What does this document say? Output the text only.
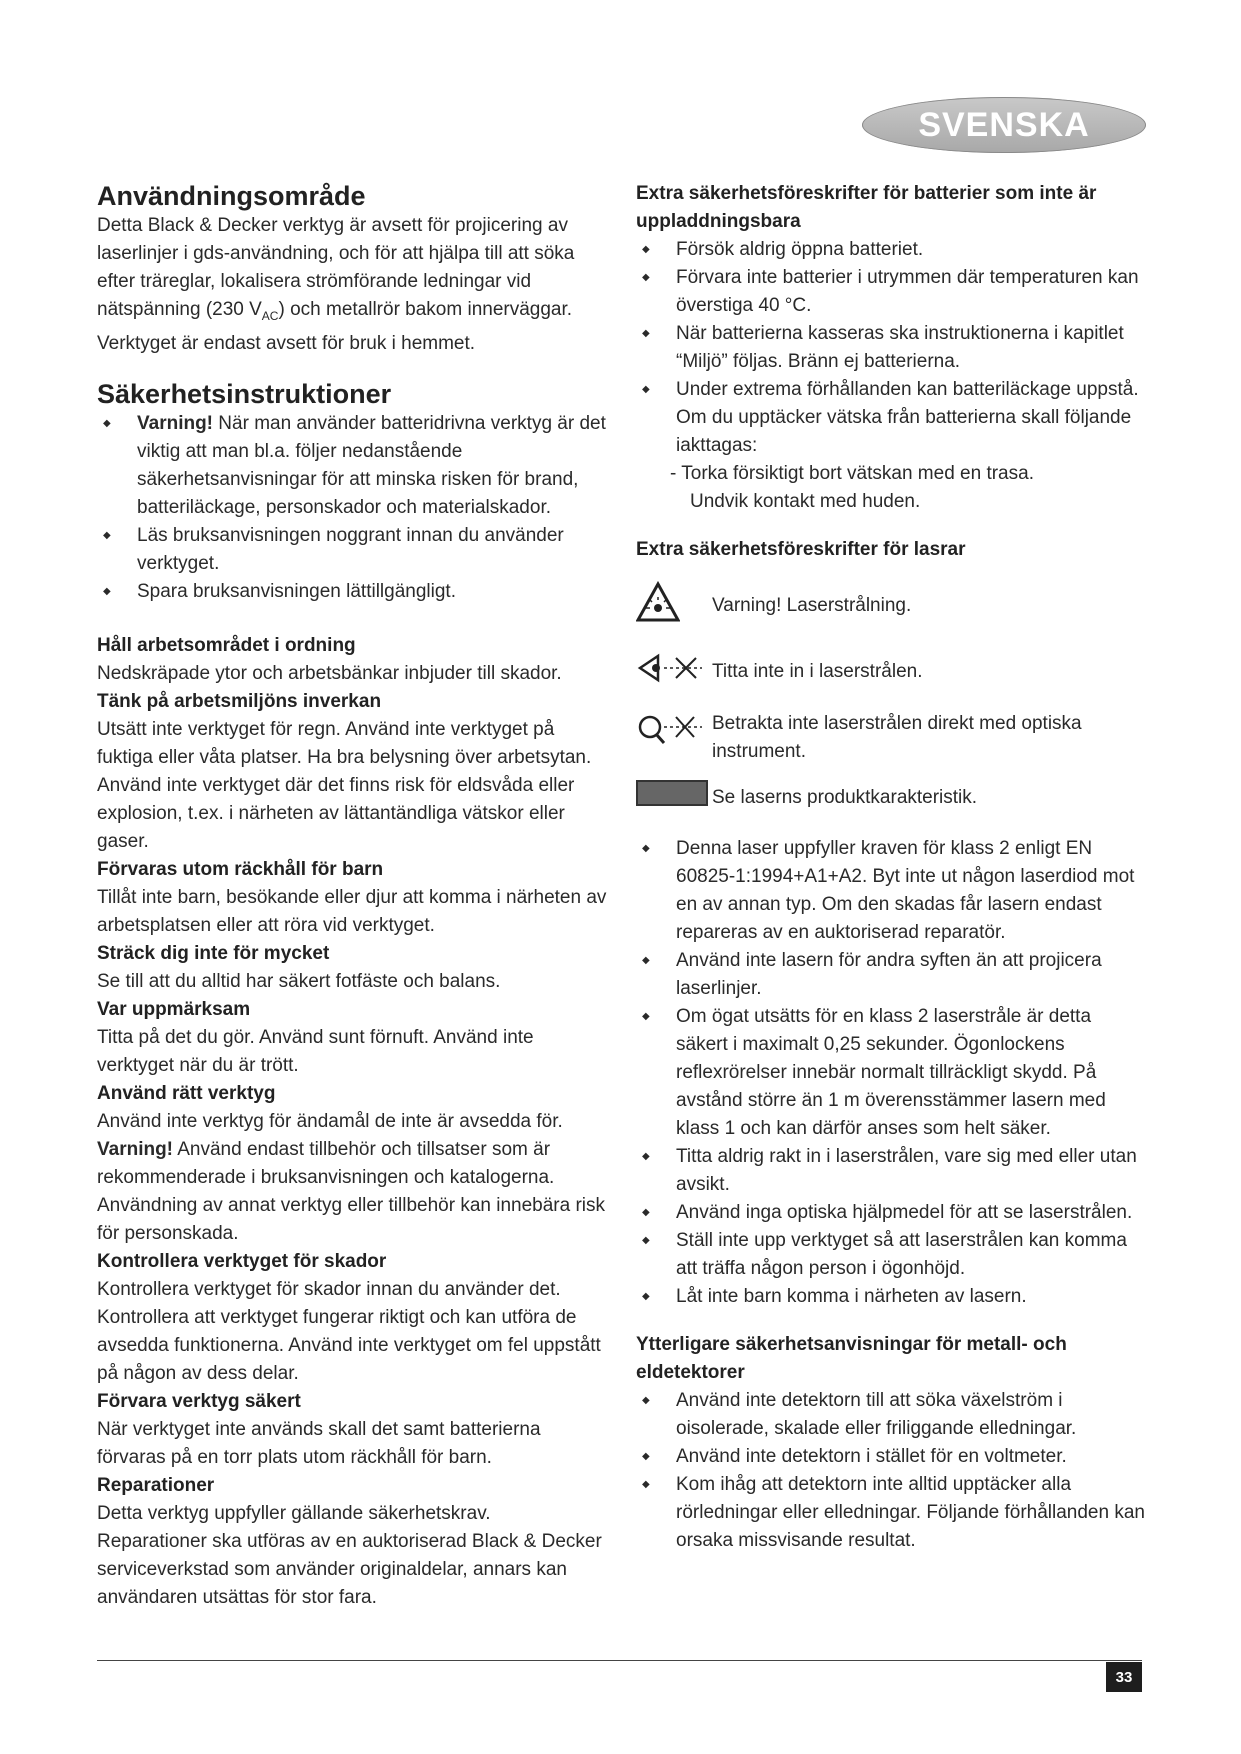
SVENSKA
Användningsområde

Detta Black & Decker verktyg är avsett för projicering av laserlinjer i gds-användning, och för att hjälpa till att söka efter träreglar, lokalisera strömförande ledningar vid nätspänning (230 $V_{AC}$) och metallrör bakom innerväggar. Verktyget är endast avsett för bruk i hemmet.

Säkerhetsinstruktioner

◆ Varning! När man använder batteridrivna verktyg är det viktig att man bl.a. följer nedanstående säkerhetsanvisningar för att minska risken för brand, batteriläckage, personskador och materialskador.

◆ Läs bruksanvisningen noggrant innan du använder verktyget.

◆ Spara bruksanvisningen lättillgängligt.

Håll arbetsområdet i ordning

Nedskräpade ytor och arbetsbänkar inbjuder till skador.

Tänk på arbetsmiljöns inverkan

Utsätt inte verktyget för regn. Använd inte verktyget på fuktiga eller våta platser. Ha bra belysning över arbetsytan.

Använd inte verktyget där det finns risk för eldsvåda eller explosion, t.ex. i närheten av lättantändliga vätskor eller gaser.

Förvaras utom räckhåll för barn

Tillåt inte barn, besökande eller djur att komma i närheten av arbetsplatsen eller att röra vid verktyget.

Sträck dig inte för mycket

Se till att du alltid har säkert fotfäste och balans.

Var uppmärksam

Titta på det du gör. Använd sunt förnuft. Använd inte verktyget när du är trött.

Använd rätt verktyg

Använd inte verktyg för ändamål de inte är avsedda för.

Varning! Använd endast tillbehör och tillsatser som är rekommenderade i bruksanvisningen och katalogerna. Användning av annat verktyg eller tillbehör kan innebära risk för personskada.

Kontrollera verktyget för skador

Kontrollera verktyget för skador innan du använder det. Kontrollera att verktyget fungerar riktigt och kan utföra de avsedda funktionerna. Använd inte verktyget om fel uppstått på någon av dess delar.

Förvara verktyg säkert

När verktyget inte används skall det samt batterierna förvaras på en torr plats utom räckhåll för barn.

Reparationer

Detta verktyg uppfyller gällande säkerhetskrav.

Reparationer ska utföras av en auktoriserad Black & Decker serviceverkstad som använder originaldelar, annars kan användaren utsättas för stor fara.

Extra säkerhetsföreskrifter för batterier som inte är uppladdningsbara

◆ Försök aldrig öppna batteriet.

◆ Förvara inte batterier i utrymmen där temperaturen kan överstiga 40 °C.

◆ När batterierna kasseras ska instruktionerna i kapitlet “Miljö” följas. Bränn ej batterierna.

◆ Under extrema förhållanden kan batteriläckage uppstå. Om du upptäcker vätska från batterierna skall följande iakttagas:

- Torka försiktigt bort vätskan med en trasa.

Undvik kontakt med huden.

Extra säkerhetsföreskrifter för lasrar
Varning! Laserstrålning.
Titta inte in i laserstrålen.
Betrakta inte laserstrålen direkt med optiska instrument.
Se laserns produktkarakteristik.

◆ Denna laser uppfyller kraven för klass 2 enligt EN 60825-1:1994+A1+A2. Byt inte ut någon laserdiod mot en av annan typ. Om den skadas får lasern endast repareras av en auktoriserad reparatör.

◆ Använd inte lasern för andra syften än att projicera laserlinjer.

◆ Om ögat utsätts för en klass 2 laserstråle är detta säkert i maximalt 0,25 sekunder. Ögonlockens reflexrörelser innebär normalt tillräckligt skydd. På avstånd större än 1 m överensstämmer lasern med klass 1 och kan därför anses som helt säker.

◆ Titta aldrig rakt in i laserstrålen, vare sig med eller utan avsikt.

◆ Använd inga optiska hjälpmedel för att se laserstrålen.

◆ Ställ inte upp verktyget så att laserstrålen kan komma att träffa någon person i ögonhöjd.

◆ Låt inte barn komma i närheten av lasern.

Ytterligare säkerhetsanvisningar för metall- och eldetektorer

◆ Använd inte detektorn till att söka växelström i oisolerade, skalade eller friliggande elledningar.

◆ Använd inte detektorn i stället för en voltmeter.

◆ Kom ihåg att detektorn inte alltid upptäcker alla rörledningar eller elledningar. Följande förhållanden kan orsaka missvisande resultat.

33
